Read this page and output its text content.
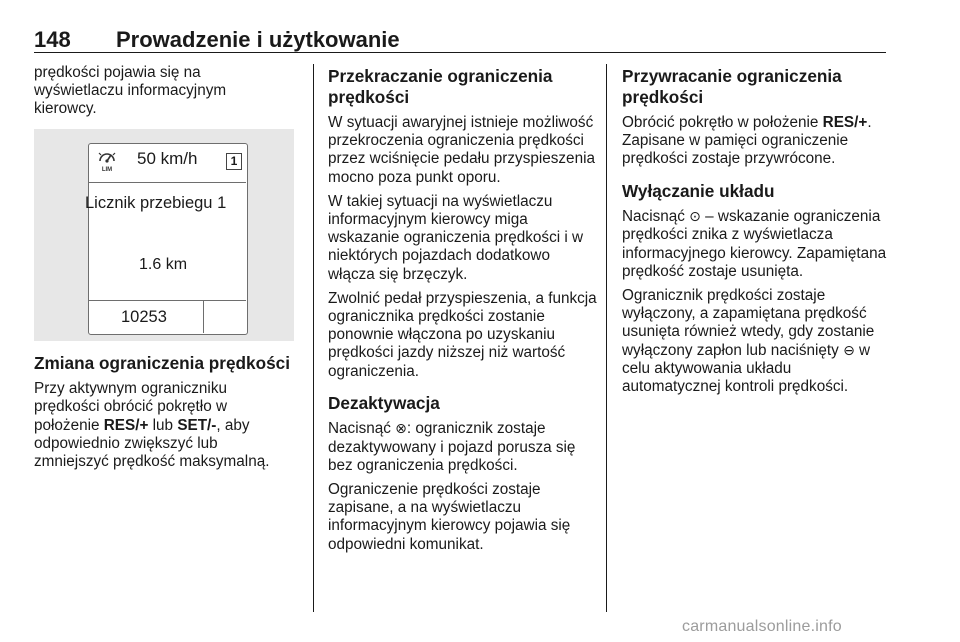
148 Prowadzenie i użytkowanie

prędkości pojawia się na wyświetlaczu informacyjnym kierowcy.

LIM
50 km/h	1
Licznik przebiegu 1
1.6 km
10253
Zmiana ograniczenia prędkości

Przy aktywnym ograniczniku prędkości obrócić pokrętło w położenie RES/+ lub SET/-, aby odpowiednio zwiększyć lub zmniejszyć prędkość maksymalną.

Przekraczanie ograniczenia prędkości

W sytuacji awaryjnej istnieje możliwość przekroczenia ograniczenia prędkości przez wciśnięcie pedału przyspieszenia mocno poza punkt oporu.

W takiej sytuacji na wyświetlaczu informacyjnym kierowcy miga wskazanie ograniczenia prędkości i w niektórych pojazdach dodatkowo włącza się brzęczyk.

Zwolnić pedał przyspieszenia, a funkcja ogranicznika prędkości zostanie ponownie włączona po uzyskaniu prędkości jazdy niższej niż wartość ograniczenia.

Dezaktywacja

Nacisnąć ⊗: ogranicznik zostaje dezaktywowany i pojazd porusza się bez ograniczenia prędkości.

Ograniczenie prędkości zostaje zapisane, a na wyświetlaczu informacyjnym kierowcy pojawia się odpowiedni komunikat.

Przywracanie ograniczenia prędkości

Obrócić pokrętło w położenie RES/+. Zapisane w pamięci ograniczenie prędkości zostaje przywrócone.

Wyłączanie układu

Nacisnąć ⊙ – wskazanie ograniczenia prędkości znika z wyświetlacza informacyjnego kierowcy. Zapamiętana prędkość zostaje usunięta.

Ogranicznik prędkości zostaje wyłączony, a zapamiętana prędkość usunięta również wtedy, gdy zostanie wyłączony zapłon lub naciśnięty ⊖ w celu aktywowania układu automatycznej kontroli prędkości.

carmanualsonline.info
